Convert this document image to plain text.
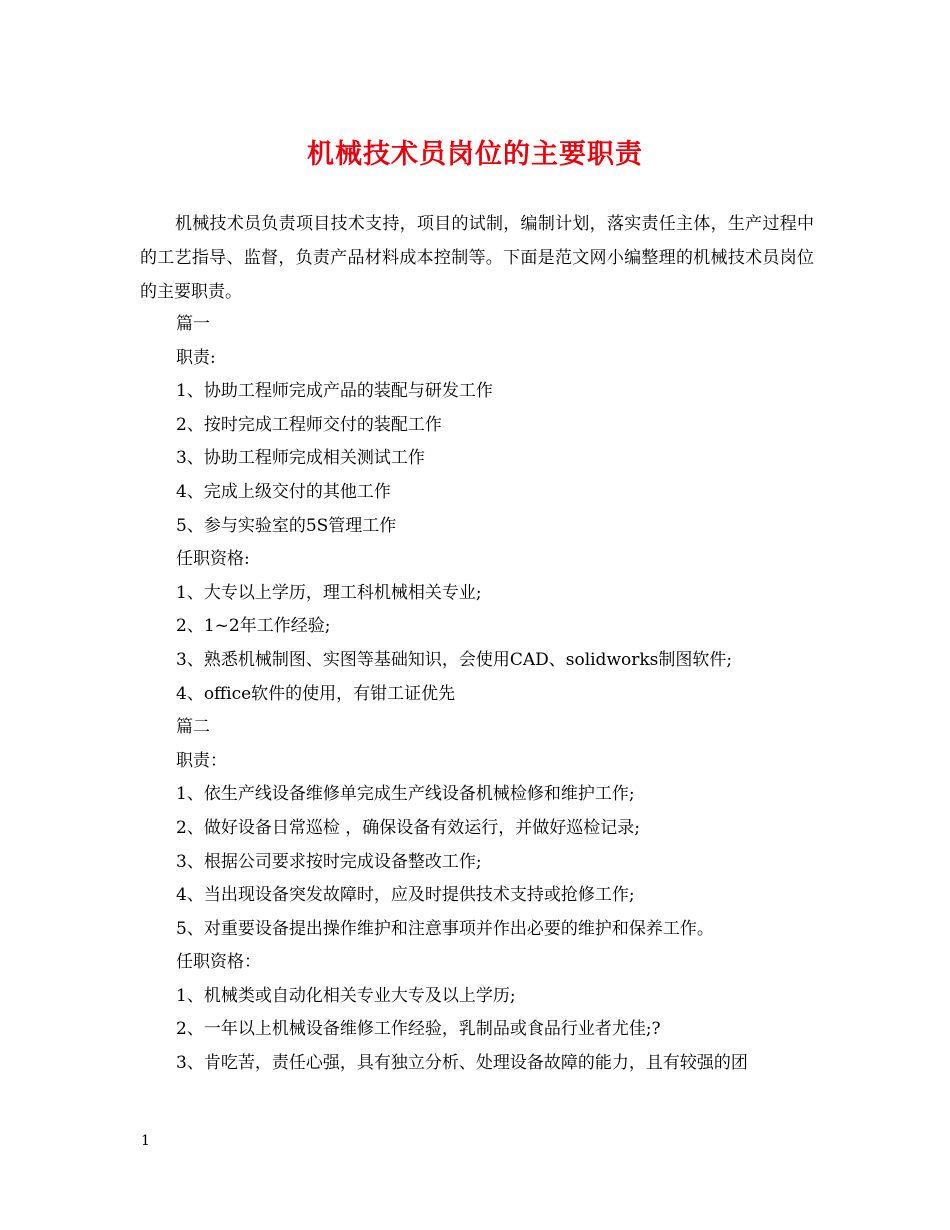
机械技术员岗位的主要职责
机械技术员负责项目技术支持，项目的试制，编制计划，落实责任主体，生产过程中的工艺指导、监督，负责产品材料成本控制等。下面是范文网小编整理的机械技术员岗位的主要职责。
篇一
职责:
1、协助工程师完成产品的装配与研发工作
2、按时完成工程师交付的装配工作
3、协助工程师完成相关测试工作
4、完成上级交付的其他工作
5、参与实验室的5S管理工作
任职资格:
1、大专以上学历，理工科机械相关专业;
2、1~2年工作经验;
3、熟悉机械制图、实图等基础知识，会使用CAD、solidworks制图软件;
4、office软件的使用，有钳工证优先
篇二
职责：
1、依生产线设备维修单完成生产线设备机械检修和维护工作;
2、做好设备日常巡检 ，确保设备有效运行，并做好巡检记录;
3、根据公司要求按时完成设备整改工作;
4、当出现设备突发故障时，应及时提供技术支持或抢修工作;
5、对重要设备提出操作维护和注意事项并作出必要的维护和保养工作。
任职资格：
1、机械类或自动化相关专业大专及以上学历;
2、一年以上机械设备维修工作经验，乳制品或食品行业者尤佳;?
3、肯吃苦，责任心强，具有独立分析、处理设备故障的能力，且有较强的团
1
